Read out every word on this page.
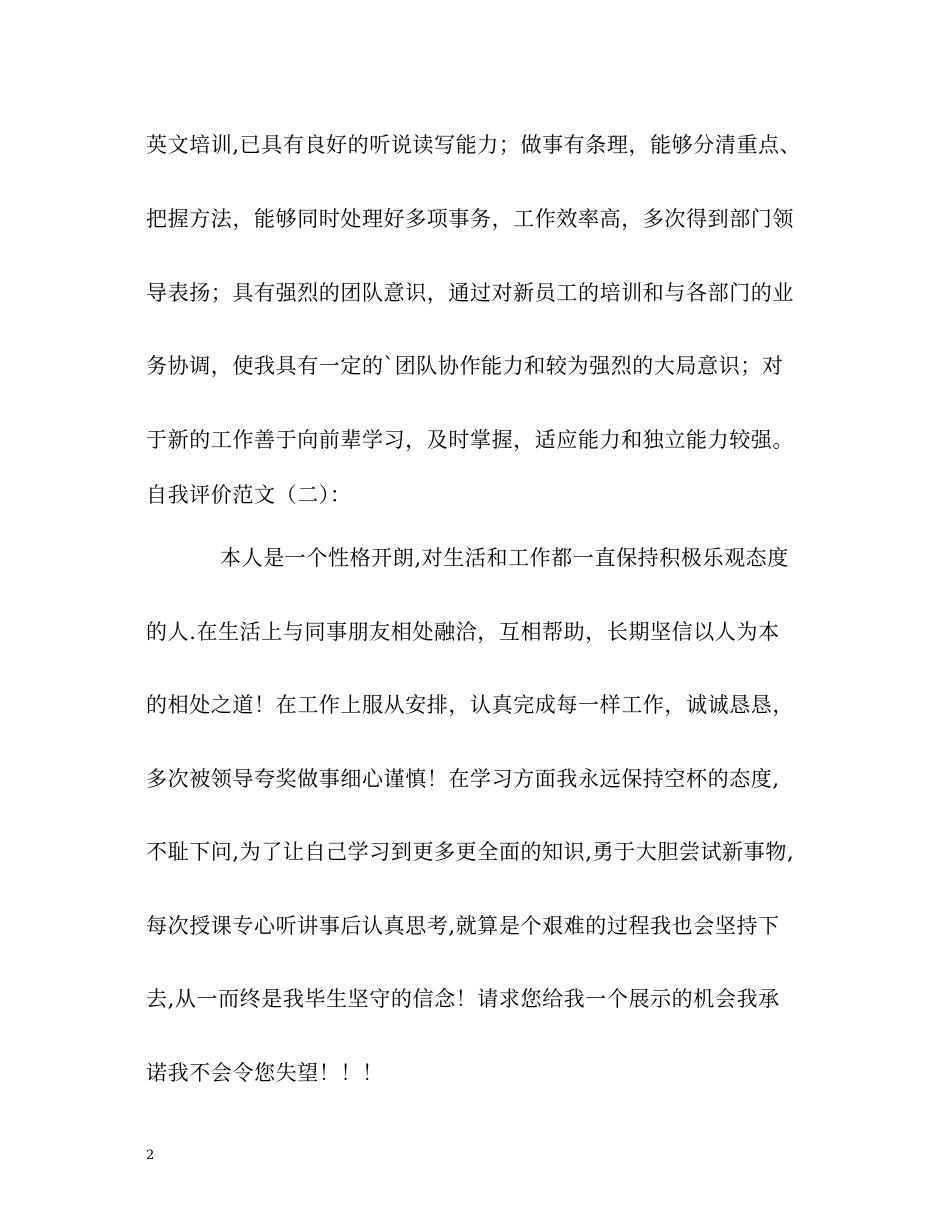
英文培训,已具有良好的听说读写能力；做事有条理，能够分清重点、
把握方法，能够同时处理好多项事务，工作效率高，多次得到部门领
导表扬；具有强烈的团队意识，通过对新员工的培训和与各部门的业
务协调，使我具有一定的`团队协作能力和较为强烈的大局意识；对
于新的工作善于向前辈学习，及时掌握，适应能力和独立能力较强。
自我评价范文（二）：
本人是一个性格开朗,对生活和工作都一直保持积极乐观态度
的人.在生活上与同事朋友相处融洽，互相帮助，长期坚信以人为本
的相处之道！在工作上服从安排，认真完成每一样工作，诚诚恳恳，
多次被领导夸奖做事细心谨慎！在学习方面我永远保持空杯的态度,
不耻下问,为了让自己学习到更多更全面的知识,勇于大胆尝试新事物,
每次授课专心听讲事后认真思考,就算是个艰难的过程我也会坚持下
去,从一而终是我毕生坚守的信念！请求您给我一个展示的机会我承
诺我不会令您失望！！！
2
